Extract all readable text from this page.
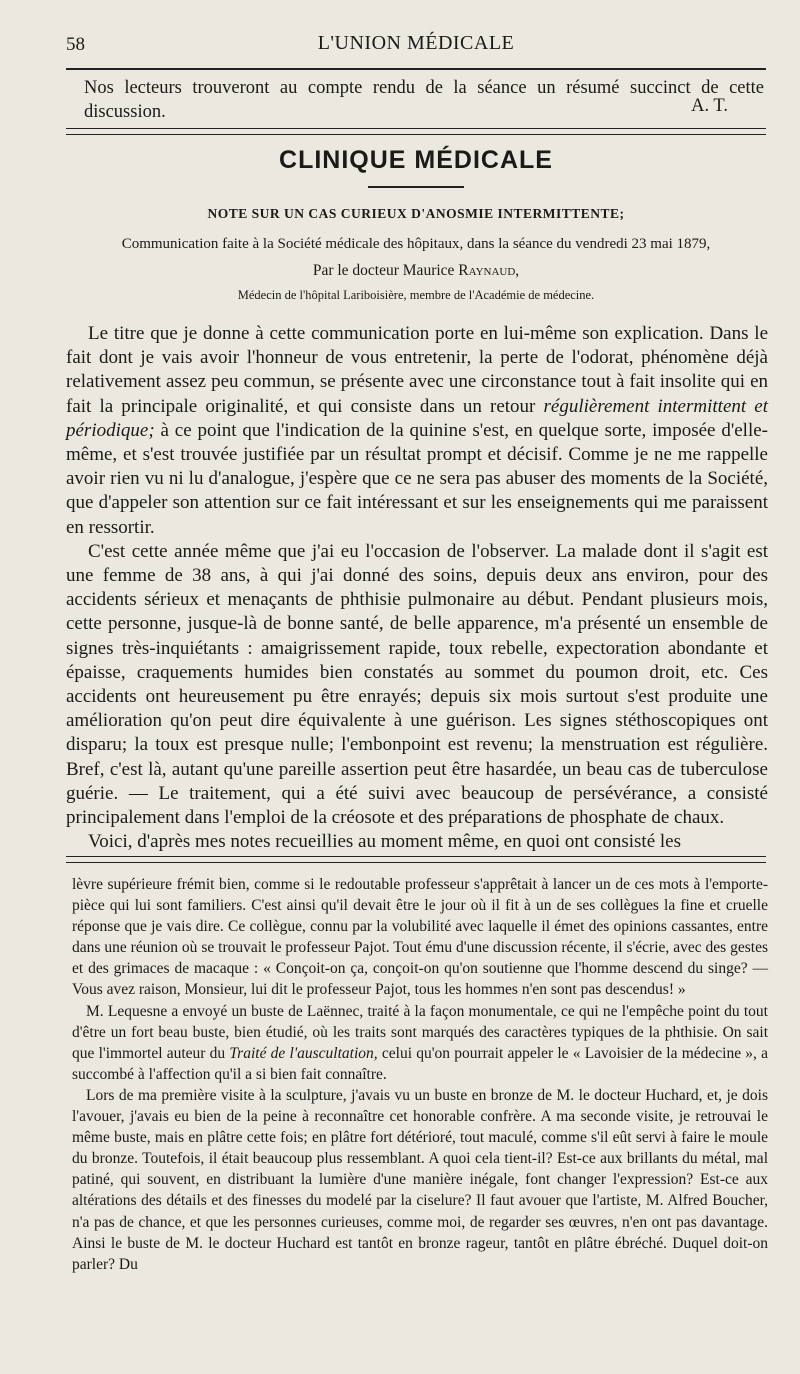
58	L'UNION MÉDICALE
Nos lecteurs trouveront au compte rendu de la séance un résumé succinct de cette discussion.	A. T.
CLINIQUE MÉDICALE
NOTE SUR UN CAS CURIEUX D'ANOSMIE INTERMITTENTE;
Communication faite à la Société médicale des hôpitaux, dans la séance du vendredi 23 mai 1879,
Par le docteur Maurice Raynaud,
Médecin de l'hôpital Lariboisière, membre de l'Académie de médecine.

Le titre que je donne à cette communication porte en lui-même son explication. Dans le fait dont je vais avoir l'honneur de vous entretenir, la perte de l'odorat, phénomène déjà relativement assez peu commun, se présente avec une circonstance tout à fait insolite qui en fait la principale originalité, et qui consiste dans un retour régulièrement intermittent et périodique; à ce point que l'indication de la quinine s'est, en quelque sorte, imposée d'elle-même, et s'est trouvée justifiée par un résultat prompt et décisif. Comme je ne me rappelle avoir rien vu ni lu d'analogue, j'espère que ce ne sera pas abuser des moments de la Société, que d'appeler son attention sur ce fait intéressant et sur les enseignements qui me paraissent en ressortir.

C'est cette année même que j'ai eu l'occasion de l'observer. La malade dont il s'agit est une femme de 38 ans, à qui j'ai donné des soins, depuis deux ans environ, pour des accidents sérieux et menaçants de phthisie pulmonaire au début. Pendant plusieurs mois, cette personne, jusque-là de bonne santé, de belle apparence, m'a présenté un ensemble de signes très-inquiétants : amaigrissement rapide, toux rebelle, expectoration abondante et épaisse, craquements humides bien constatés au sommet du poumon droit, etc. Ces accidents ont heureusement pu être enrayés; depuis six mois surtout s'est produite une amélioration qu'on peut dire équivalente à une guérison. Les signes stéthoscopiques ont disparu; la toux est presque nulle; l'embonpoint est revenu; la menstruation est régulière. Bref, c'est là, autant qu'une pareille assertion peut être hasardée, un beau cas de tuberculose guérie. — Le traitement, qui a été suivi avec beaucoup de persévérance, a consisté principalement dans l'emploi de la créosote et des préparations de phosphate de chaux.

Voici, d'après mes notes recueillies au moment même, en quoi ont consisté les

lèvre supérieure frémit bien, comme si le redoutable professeur s'apprêtait à lancer un de ces mots à l'emporte-pièce qui lui sont familiers. C'est ainsi qu'il devait être le jour où il fit à un de ses collègues la fine et cruelle réponse que je vais dire. Ce collègue, connu par la volubilité avec laquelle il émet des opinions cassantes, entre dans une réunion où se trouvait le professeur Pajot. Tout ému d'une discussion récente, il s'écrie, avec des gestes et des grimaces de macaque : « Conçoit-on ça, conçoit-on qu'on soutienne que l'homme descend du singe? — Vous avez raison, Monsieur, lui dit le professeur Pajot, tous les hommes n'en sont pas descendus! »

M. Lequesne a envoyé un buste de Laënnec, traité à la façon monumentale, ce qui ne l'empêche point du tout d'être un fort beau buste, bien étudié, où les traits sont marqués des caractères typiques de la phthisie. On sait que l'immortel auteur du Traité de l'auscultation, celui qu'on pourrait appeler le « Lavoisier de la médecine », a succombé à l'affection qu'il a si bien fait connaître.

Lors de ma première visite à la sculpture, j'avais vu un buste en bronze de M. le docteur Huchard, et, je dois l'avouer, j'avais eu bien de la peine à reconnaître cet honorable confrère. A ma seconde visite, je retrouvai le même buste, mais en plâtre cette fois; en plâtre fort détérioré, tout maculé, comme s'il eût servi à faire le moule du bronze. Toutefois, il était beaucoup plus ressemblant. A quoi cela tient-il? Est-ce aux brillants du métal, mal patiné, qui souvent, en distribuant la lumière d'une manière inégale, font changer l'expression? Est-ce aux altérations des détails et des finesses du modelé par la ciselure? Il faut avouer que l'artiste, M. Alfred Boucher, n'a pas de chance, et que les personnes curieuses, comme moi, de regarder ses œuvres, n'en ont pas davantage. Ainsi le buste de M. le docteur Huchard est tantôt en bronze rageur, tantôt en plâtre ébréché. Duquel doit-on parler? Du
